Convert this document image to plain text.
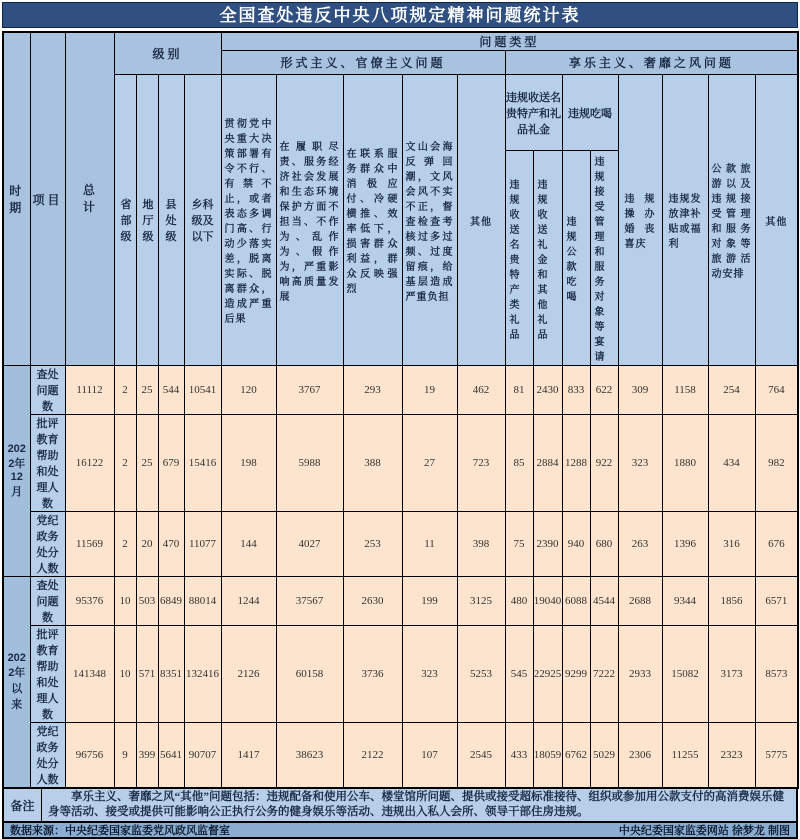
全国查处违反中央八项规定精神问题统计表
时期	项目	总计	级别				问题类型												
							形式主义、官僚主义问题					享乐主义、奢靡之风问题							
			省部级	地厅级	县处级	乡科级及以下	贯彻党中央重大决策部署有令不行、有禁不止，或者表态多调门高、行动少落实差，脱离实际、脱离群众，造成严重后果	在履职尽责、服务经济社会发展和生态环境保护方面不担当、不作为、乱作为、假作为，严重影响高质量发展	在联系服务群众中消极应付、冷硬横推、效率低下，损害群众利益，群众反映强烈	文山会海反弹回潮，文风会风不实不正，督查检查考核过多过频、过度留痕，给基层造成严重负担	其他	违规收送名贵特产和礼品礼金		违规吃喝		违规操办婚丧喜庆	违规发放津补贴或福利	公款旅游以及违规接受管理和服务对象等旅游活动安排	其他
												违规收送名贵特产类礼品	违规收送礼金和其他礼品	违规公款吃喝	违规接受管理和服务对象等宴请				
2022年12月	查处问题数	11112	2	25	544	10541	120	3767	293	19	462	81	2430	833	622	309	1158	254	764
	批评教育帮助和处理人数	16122	2	25	679	15416	198	5988	388	27	723	85	2884	1288	922	323	1880	434	982
	党纪政务处分人数	11569	2	20	470	11077	144	4027	253	11	398	75	2390	940	680	263	1396	316	676
2022年以来	查处问题数	95376	10	503	6849	88014	1244	37567	2630	199	3125	480	19040	6088	4544	2688	9344	1856	6571
	批评教育帮助和处理人数	141348	10	571	8351	132416	2126	60158	3736	323	5253	545	22925	9299	7222	2933	15082	3173	8573
	党纪政务处分人数	96756	9	399	5641	90707	1417	38623	2122	107	2545	433	18059	6762	5029	2306	11255	2323	5775
备注
享乐主义、奢靡之风“其他”问题包括：违规配备和使用公车、楼堂馆所问题、提供或接受超标准接待、组织或参加用公款支付的高消费娱乐健身等活动、接受或提供可能影响公正执行公务的健身娱乐等活动、违规出入私人会所、领导干部住房违规。
数据来源：中央纪委国家监委党风政风监督室	中央纪委国家监委网站 徐梦龙 制图
